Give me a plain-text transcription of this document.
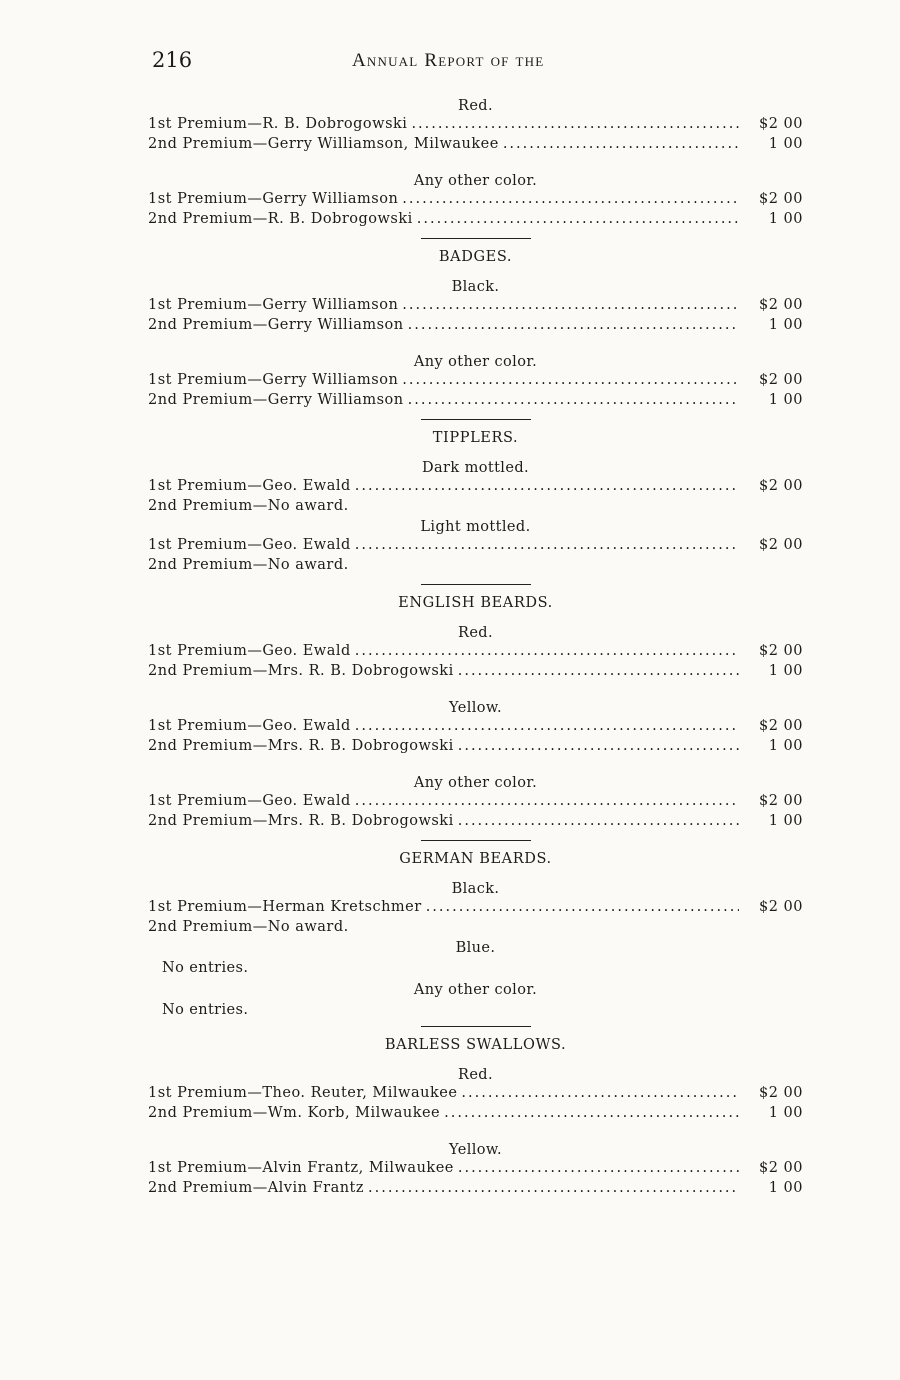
216	Annual Report of the
Red.
1st Premium—R. B. Dobrogowski .....	$2 00
2nd Premium—Gerry Williamson, Milwaukee .....	1 00
Any other color.
1st Premium—Gerry Williamson .....	$2 00
2nd Premium—R. B. Dobrogowski .....	1 00
BADGES.
Black.
1st Premium—Gerry Williamson .....	$2 00
2nd Premium—Gerry Williamson .....	1 00
Any other color.
1st Premium—Gerry Williamson .....	$2 00
2nd Premium—Gerry Williamson .....	1 00
TIPPLERS.
Dark mottled.
1st Premium—Geo. Ewald .....	$2 00
2nd Premium—No award.
Light mottled.
1st Premium—Geo. Ewald .....	$2 00
2nd Premium—No award.
ENGLISH BEARDS.
Red.
1st Premium—Geo. Ewald .....	$2 00
2nd Premium—Mrs. R. B. Dobrogowski .....	1 00
Yellow.
1st Premium—Geo. Ewald .....	$2 00
2nd Premium—Mrs. R. B. Dobrogowski .....	1 00
Any other color.
1st Premium—Geo. Ewald .....	$2 00
2nd Premium—Mrs. R. B. Dobrogowski .....	1 00
GERMAN BEARDS.
Black.
1st Premium—Herman Kretschmer .....	$2 00
2nd Premium—No award.
Blue.
No entries.
Any other color.
No entries.
BARLESS SWALLOWS.
Red.
1st Premium—Theo. Reuter, Milwaukee .....	$2 00
2nd Premium—Wm. Korb, Milwaukee .....	1 00
Yellow.
1st Premium—Alvin Frantz, Milwaukee .....	$2 00
2nd Premium—Alvin Frantz .....	1 00
